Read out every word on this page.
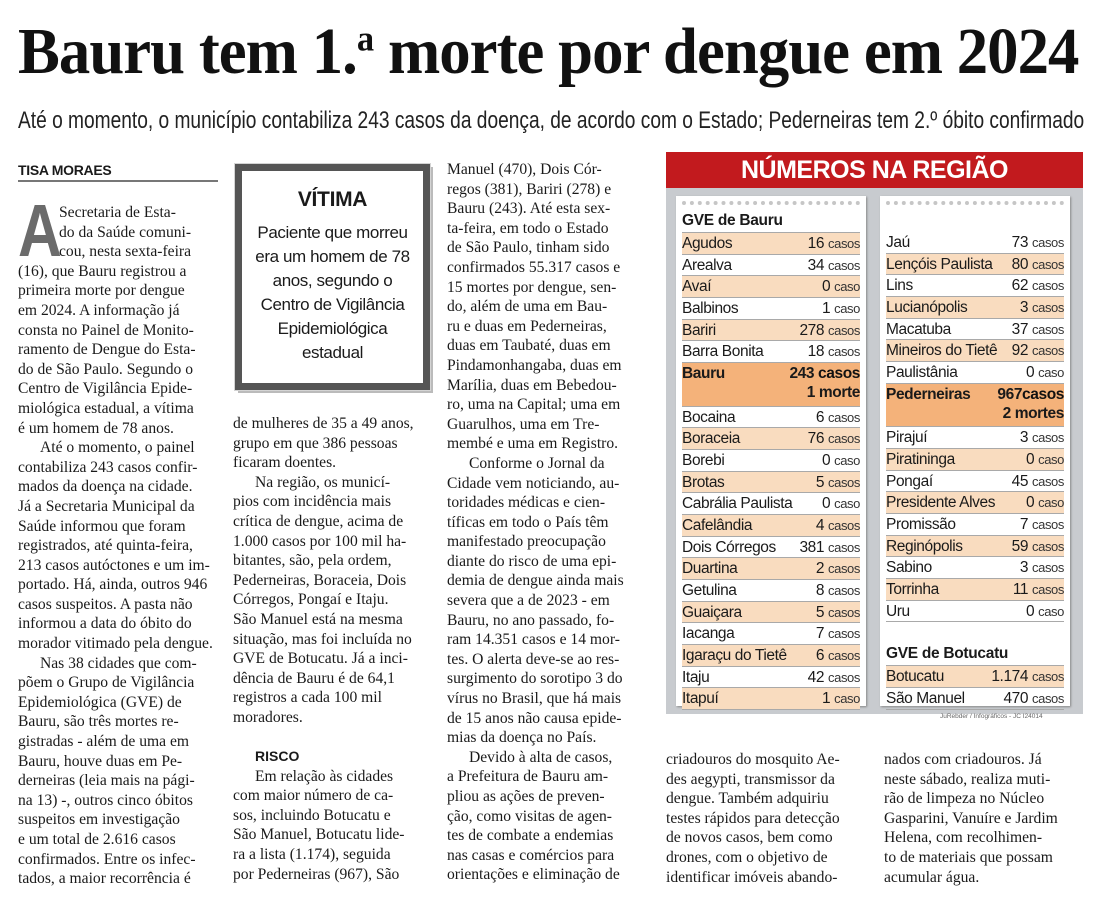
Bauru tem 1.$^a$ morte por dengue em 2024
Até o momento, o município contabiliza 243 casos da doença, de acordo com o Estado; Pederneiras tem 2.º óbito confirmado
TISA MORAES
A
Secretaria de Esta-
do da Saúde comuni-
cou, nesta sexta-feira
(16), que Bauru registrou a
primeira morte por dengue
em 2024. A informação já
consta no Painel de Monito-
ramento de Dengue do Esta-
do de São Paulo. Segundo o
Centro de Vigilância Epide-
miológica estadual, a vítima
é um homem de 78 anos.
Até o momento, o painel
contabiliza 243 casos confir-
mados da doença na cidade.
Já a Secretaria Municipal da
Saúde informou que foram
registrados, até quinta-feira,
213 casos autóctones e um im-
portado. Há, ainda, outros 946
casos suspeitos. A pasta não
informou a data do óbito do
morador vitimado pela dengue.
Nas 38 cidades que com-
põem o Grupo de Vigilância
Epidemiológica (GVE) de
Bauru, são três mortes re-
gistradas - além de uma em
Bauru, houve duas em Pe-
derneiras (leia mais na pági-
na 13) -, outros cinco óbitos
suspeitos em investigação
e um total de 2.616 casos
confirmados. Entre os infec-
tados, a maior recorrência é
de mulheres de 35 a 49 anos,
grupo em que 386 pessoas
ficaram doentes.
Na região, os municí-
pios com incidência mais
crítica de dengue, acima de
1.000 casos por 100 mil ha-
bitantes, são, pela ordem,
Pederneiras, Boraceia, Dois
Córregos, Pongaí e Itaju.
São Manuel está na mesma
situação, mas foi incluída no
GVE de Botucatu. Já a inci-
dência de Bauru é de 64,1
registros a cada 100 mil
moradores.
RISCO
Em relação às cidades
com maior número de ca-
sos, incluindo Botucatu e
São Manuel, Botucatu lide-
ra a lista (1.174), seguida
por Pederneiras (967), São
Manuel (470), Dois Cór-
regos (381), Bariri (278) e
Bauru (243). Até esta sex-
ta-feira, em todo o Estado
de São Paulo, tinham sido
confirmados 55.317 casos e
15 mortes por dengue, sen-
do, além de uma em Bau-
ru e duas em Pederneiras,
duas em Taubaté, duas em
Pindamonhangaba, duas em
Marília, duas em Bebedou-
ro, uma na Capital; uma em
Guarulhos, uma em Tre-
membé e uma em Registro.
Conforme o Jornal da
Cidade vem noticiando, au-
toridades médicas e cien-
tíficas em todo o País têm
manifestado preocupação
diante do risco de uma epi-
demia de dengue ainda mais
severa que a de 2023 - em
Bauru, no ano passado, fo-
ram 14.351 casos e 14 mor-
tes. O alerta deve-se ao res-
surgimento do sorotipo 3 do
vírus no Brasil, que há mais
de 15 anos não causa epide-
mias da doença no País.
Devido à alta de casos,
a Prefeitura de Bauru am-
pliou as ações de preven-
ção, como visitas de agen-
tes de combate a endemias
nas casas e comércios para
orientações e eliminação de
criadouros do mosquito Ae-
des aegypti, transmissor da
dengue. Também adquiriu
testes rápidos para detecção
de novos casos, bem como
drones, com o objetivo de
identificar imóveis abando-
nados com criadouros. Já
neste sábado, realiza muti-
rão de limpeza no Núcleo
Gasparini, Vanuíre e Jardim
Helena, com recolhimen-
to de materiais que possam
acumular água.
VÍTIMA
Paciente que morreu era um homem de 78 anos, segundo o Centro de Vigilância Epidemiológica estadual
NÚMEROS NA REGIÃO
GVE de Bauru
Agudos	16 casos
Arealva	34 casos
Avaí	0 caso
Balbinos	1 caso
Bariri	278 casos
Barra Bonita	18 casos
Bauru	243 casos
1 morte
Bocaina	6 casos
Boraceia	76 casos
Borebi	0 caso
Brotas	5 casos
Cabrália Paulista 0 caso
Cafelândia	4 casos
Dois Córregos 381 casos
Duartina	2 casos
Getulina	8 casos
Guaiçara	5 casos
Iacanga	7 casos
Igaraçu do Tietê 6 casos
Itaju	42 casos
Itapuí	1 caso
Jaú	73 casos
Lençóis Paulista 80 casos
Lins	62 casos
Lucianópolis	3 casos
Macatuba	37 casos
Mineiros do Tietê 92 casos
Paulistânia	0 caso
Pederneiras 967casos
2 mortes
Pirajuí	3 casos
Piratininga	0 caso
Pongaí	45 casos
Presidente Alves 0 caso
Promissão	7 casos
Reginópolis	59 casos
Sabino	3 casos
Torrinha	11 casos
Uru	0 caso
GVE de Botucatu
Botucatu	1.174 casos
São Manuel 470 casos
JuRebder / Infográficos - JC I24014
